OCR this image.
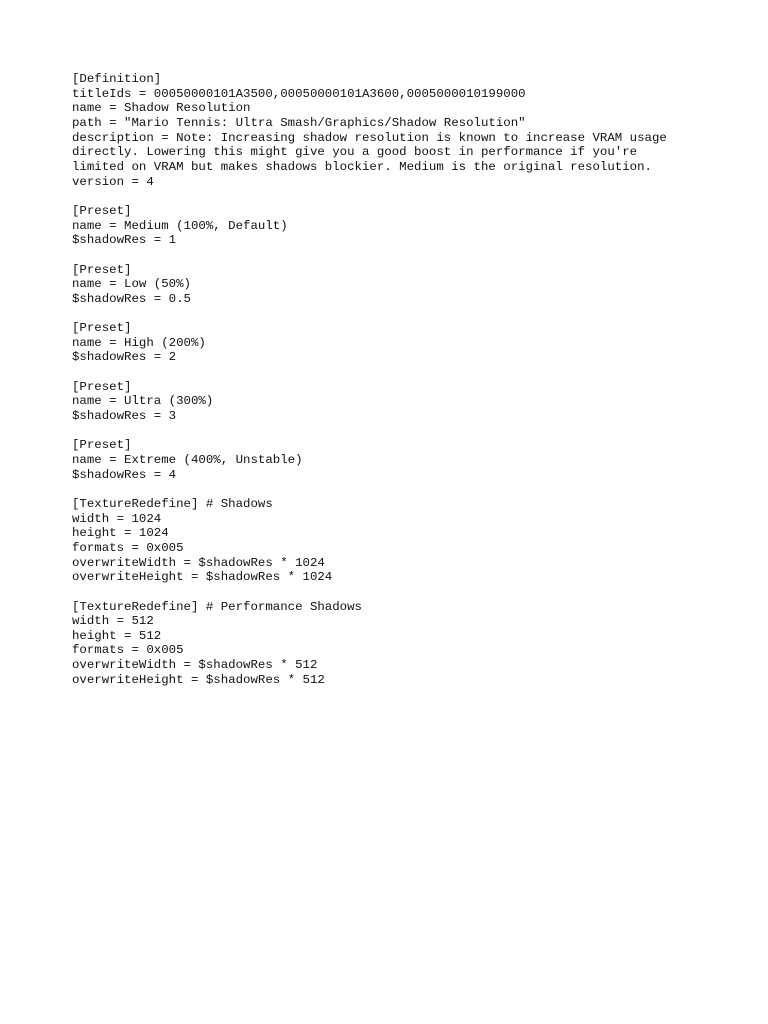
[Definition]
titleIds = 00050000101A3500,00050000101A3600,0005000010199000
name = Shadow Resolution
path = "Mario Tennis: Ultra Smash/Graphics/Shadow Resolution"
description = Note: Increasing shadow resolution is known to increase VRAM usage
directly. Lowering this might give you a good boost in performance if you're
limited on VRAM but makes shadows blockier. Medium is the original resolution.
version = 4
[Preset]
name = Medium (100%, Default)
$shadowRes = 1
[Preset]
name = Low (50%)
$shadowRes = 0.5
[Preset]
name = High (200%)
$shadowRes = 2
[Preset]
name = Ultra (300%)
$shadowRes = 3
[Preset]
name = Extreme (400%, Unstable)
$shadowRes = 4
[TextureRedefine] # Shadows
width = 1024
height = 1024
formats = 0x005
overwriteWidth = $shadowRes * 1024
overwriteHeight = $shadowRes * 1024
[TextureRedefine] # Performance Shadows
width = 512
height = 512
formats = 0x005
overwriteWidth = $shadowRes * 512
overwriteHeight = $shadowRes * 512
